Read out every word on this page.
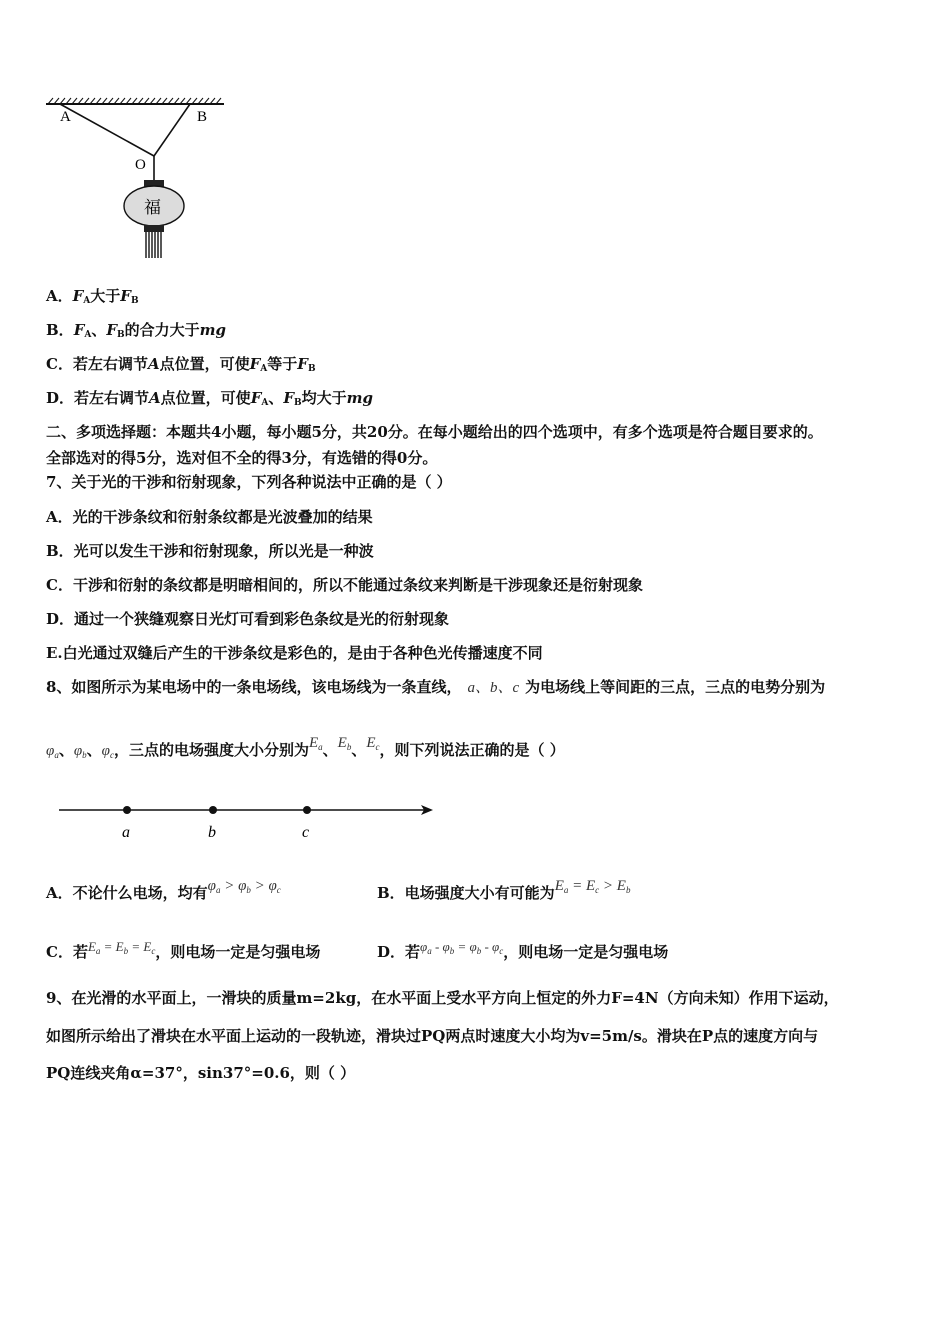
A	B
O
福
A．$F_A$大于$F_B$
B．$F_A$、$F_B$的合力大于mg
C．若左右调节A点位置，可使$F_A$等于$F_B$
D．若左右调节A点位置，可使$F_A$、$F_B$均大于mg
二、多项选择题：本题共4小题，每小题5分，共20分。在每小题给出的四个选项中，有多个选项是符合题目要求的。
全部选对的得5分，选对但不全的得3分，有选错的得0分。
7、关于光的干涉和衍射现象，下列各种说法中正确的是（ ）
A．光的干涉条纹和衍射条纹都是光波叠加的结果
B．光可以发生干涉和衍射现象，所以光是一种波
C．干涉和衍射的条纹都是明暗相间的，所以不能通过条纹来判断是干涉现象还是衍射现象
D．通过一个狭缝观察日光灯可看到彩色条纹是光的衍射现象
E.白光通过双缝后产生的干涉条纹是彩色的，是由于各种色光传播速度不同
8、如图所示为某电场中的一条电场线，该电场线为一条直线， a、b、c 为电场线上等间距的三点，三点的电势分别为
$\varphi_a$、$\varphi_b$、$\varphi_c$，三点的电场强度大小分别为$E_a$、$E_b$、$E_c$，则下列说法正确的是（ ）
a	b	c
A．不论什么电场，均有$\varphi_a > \varphi_b > \varphi_c$	B．电场强度大小有可能为$E_a = E_c > E_b$
C．若$E_a = E_b = E_c$，则电场一定是匀强电场	D．若$\varphi_a - \varphi_b = \varphi_b - \varphi_c$，则电场一定是匀强电场
9、在光滑的水平面上，一滑块的质量m=2kg，在水平面上受水平方向上恒定的外力F=4N（方向未知）作用下运动，
如图所示给出了滑块在水平面上运动的一段轨迹，滑块过PQ两点时速度大小均为v=5m/s。滑块在P点的速度方向与
PQ连线夹角α=37°，sin37°=0.6，则（ ）
